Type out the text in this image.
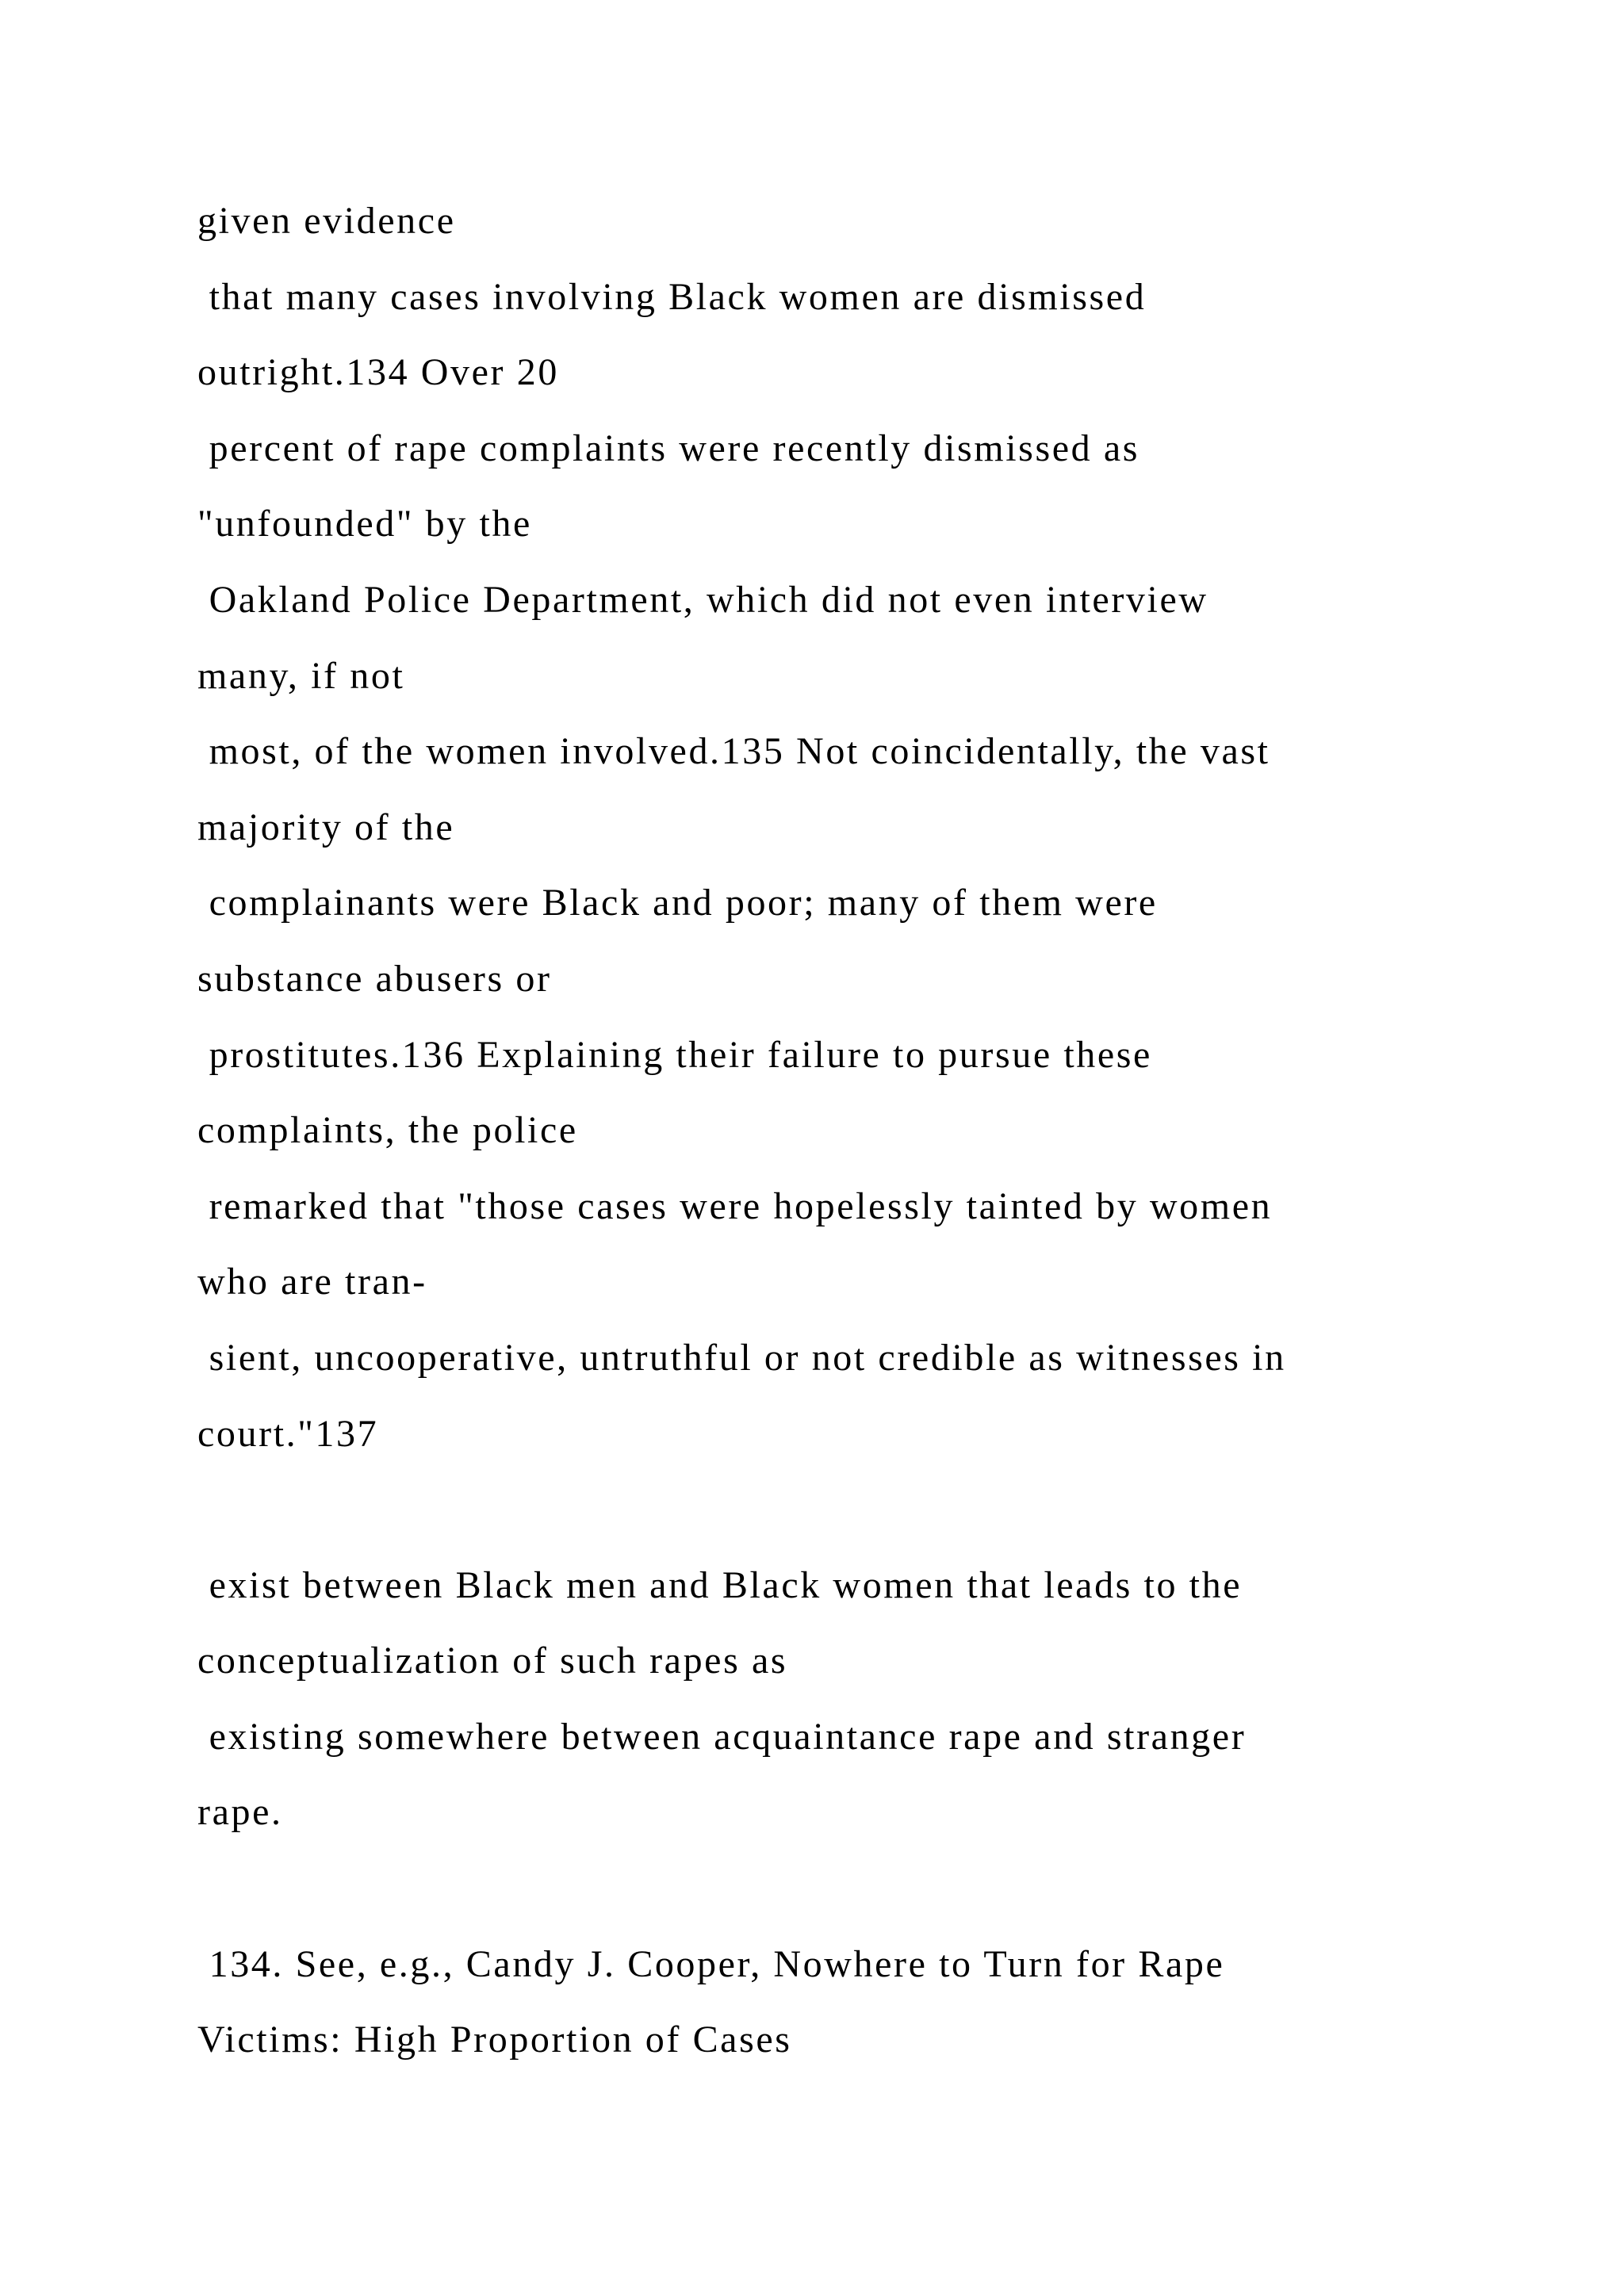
given evidence
that many cases involving Black women are dismissed
outright.134 Over 20
percent of rape complaints were recently dismissed as
"unfounded" by the
Oakland Police Department, which did not even interview
many, if not
most, of the women involved.135 Not coincidentally, the vast
majority of the
complainants were Black and poor; many of them were
substance abusers or
prostitutes.136 Explaining their failure to pursue these
complaints, the police
remarked that "those cases were hopelessly tainted by women
who are tran-
sient, uncooperative, untruthful or not credible as witnesses in
court."137
exist between Black men and Black women that leads to the
conceptualization of such rapes as
existing somewhere between acquaintance rape and stranger
rape.
134. See, e.g., Candy J. Cooper, Nowhere to Turn for Rape
Victims: High Proportion of Cases
